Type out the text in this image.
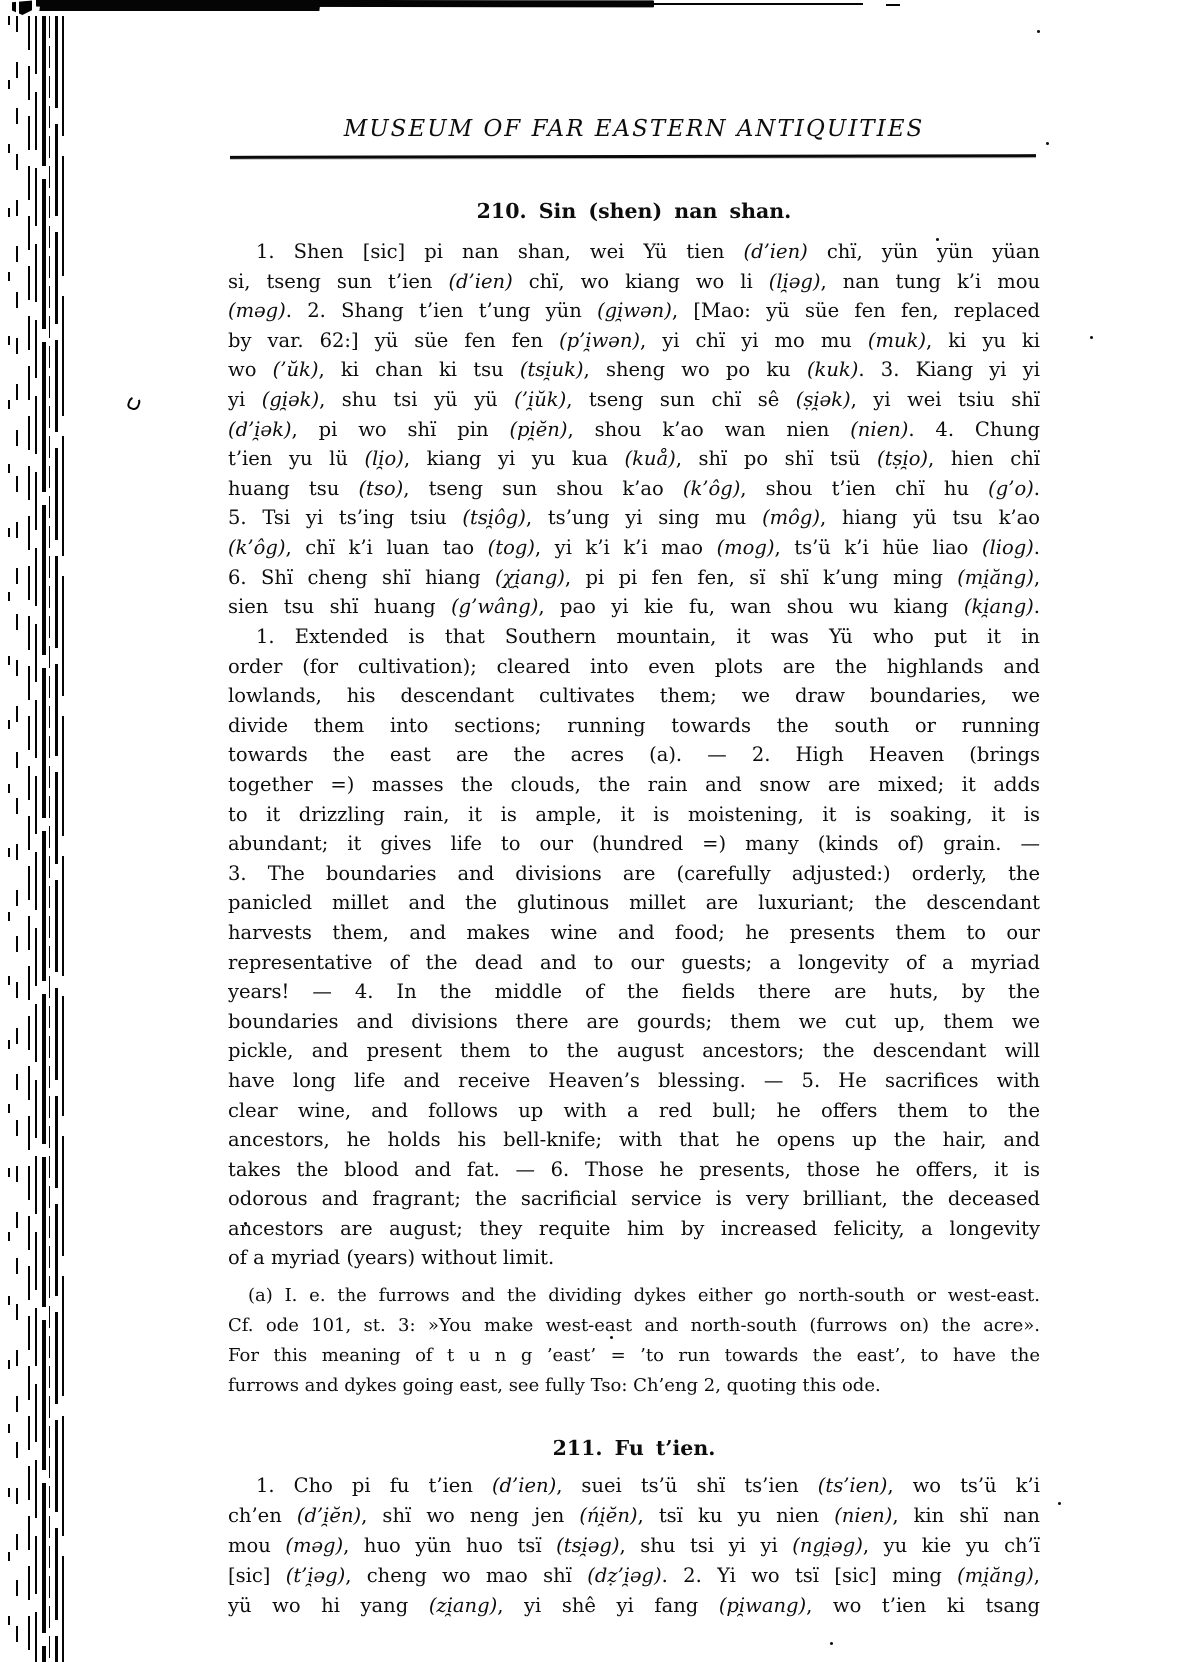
MUSEUM OF FAR EASTERN ANTIQUITIES
210. Sin (shen) nan shan.
1. Shen [sic] pi nan shan, wei Yü tien (d’ien) chï, yün yün yüan
si, tseng sun t’ien (d’ien) chï, wo kiang wo li (li̯əg), nan tung k’i mou
(məg). 2. Shang t’ien t’ung yün (gi̯wən), [Mao: yü süe fen fen, replaced
by var. 62:] yü süe fen fen (p’i̯wən), yi chï yi mo mu (muk), ki yu ki
wo (’ŭk), ki chan ki tsu (tsi̯uk), sheng wo po ku (kuk). 3. Kiang yi yi
yi (gi̯ək), shu tsi yü yü (’i̯ŭk), tseng sun chï sê (ṣi̯ək), yi wei tsiu shï
(d’i̯ək), pi wo shï pin (pi̯ĕn), shou k’ao wan nien (nien). 4. Chung
t’ien yu lü (li̯o), kiang yi yu kua (kuå), shï po shï tsü (tṣi̯o), hien chï
huang tsu (tso), tseng sun shou k’ao (k’ôg), shou t’ien chï hu (g’o).
5. Tsi yi ts’ing tsiu (tsi̯ôg), ts’ung yi sing mu (môg), hiang yü tsu k’ao
(k’ôg), chï k’i luan tao (tog), yi k’i k’i mao (mog), ts’ü k’i hüe liao (liog).
6. Shï cheng shï hiang (χi̯ang), pi pi fen fen, sï shï k’ung ming (mi̯ăng),
sien tsu shï huang (g’wâng), pao yi kie fu, wan shou wu kiang (ki̯ang).
1. Extended is that Southern mountain, it was Yü who put it in
order (for cultivation); cleared into even plots are the highlands and
lowlands, his descendant cultivates them; we draw boundaries, we
divide them into sections; running towards the south or running
towards the east are the acres (a). — 2. High Heaven (brings
together =) masses the clouds, the rain and snow are mixed; it adds
to it drizzling rain, it is ample, it is moistening, it is soaking, it is
abundant; it gives life to our (hundred =) many (kinds of) grain. —
3. The boundaries and divisions are (carefully adjusted:) orderly, the
panicled millet and the glutinous millet are luxuriant; the descendant
harvests them, and makes wine and food; he presents them to our
representative of the dead and to our guests; a longevity of a myriad
years! — 4. In the middle of the fields there are huts, by the
boundaries and divisions there are gourds; them we cut up, them we
pickle, and present them to the august ancestors; the descendant will
have long life and receive Heaven’s blessing. — 5. He sacrifices with
clear wine, and follows up with a red bull; he offers them to the
ancestors, he holds his bell-knife; with that he opens up the hair, and
takes the blood and fat. — 6. Those he presents, those he offers, it is
odorous and fragrant; the sacrificial service is very brilliant, the deceased
ancestors are august; they requite him by increased felicity, a longevity
of a myriad (years) without limit.
(a) I. e. the furrows and the dividing dykes either go north-south or west-east.
Cf. ode 101, st. 3: »You make west-east and north-south (furrows on) the acre».
For this meaning of t u n g ’east’ = ’to run towards the east’, to have the
furrows and dykes going east, see fully Tso: Ch’eng 2, quoting this ode.
211. Fu t’ien.
1. Cho pi fu t’ien (d’ien), suei ts’ü shï ts’ien (ts’ien), wo ts’ü k’i
ch’en (d’i̯ĕn), shï wo neng jen (ńi̯ĕn), tsï ku yu nien (nien), kin shï nan
mou (məg), huo yün huo tsï (tsi̯əg), shu tsi yi yi (ngi̯əg), yu kie yu ch’ï
[sic] (t’i̯əg), cheng wo mao shï (dẓ’i̯əg). 2. Yi wo tsï [sic] ming (mi̯ăng),
yü wo hi yang (zi̯ang), yi shê yi fang (pi̯wang), wo t’ien ki tsang
